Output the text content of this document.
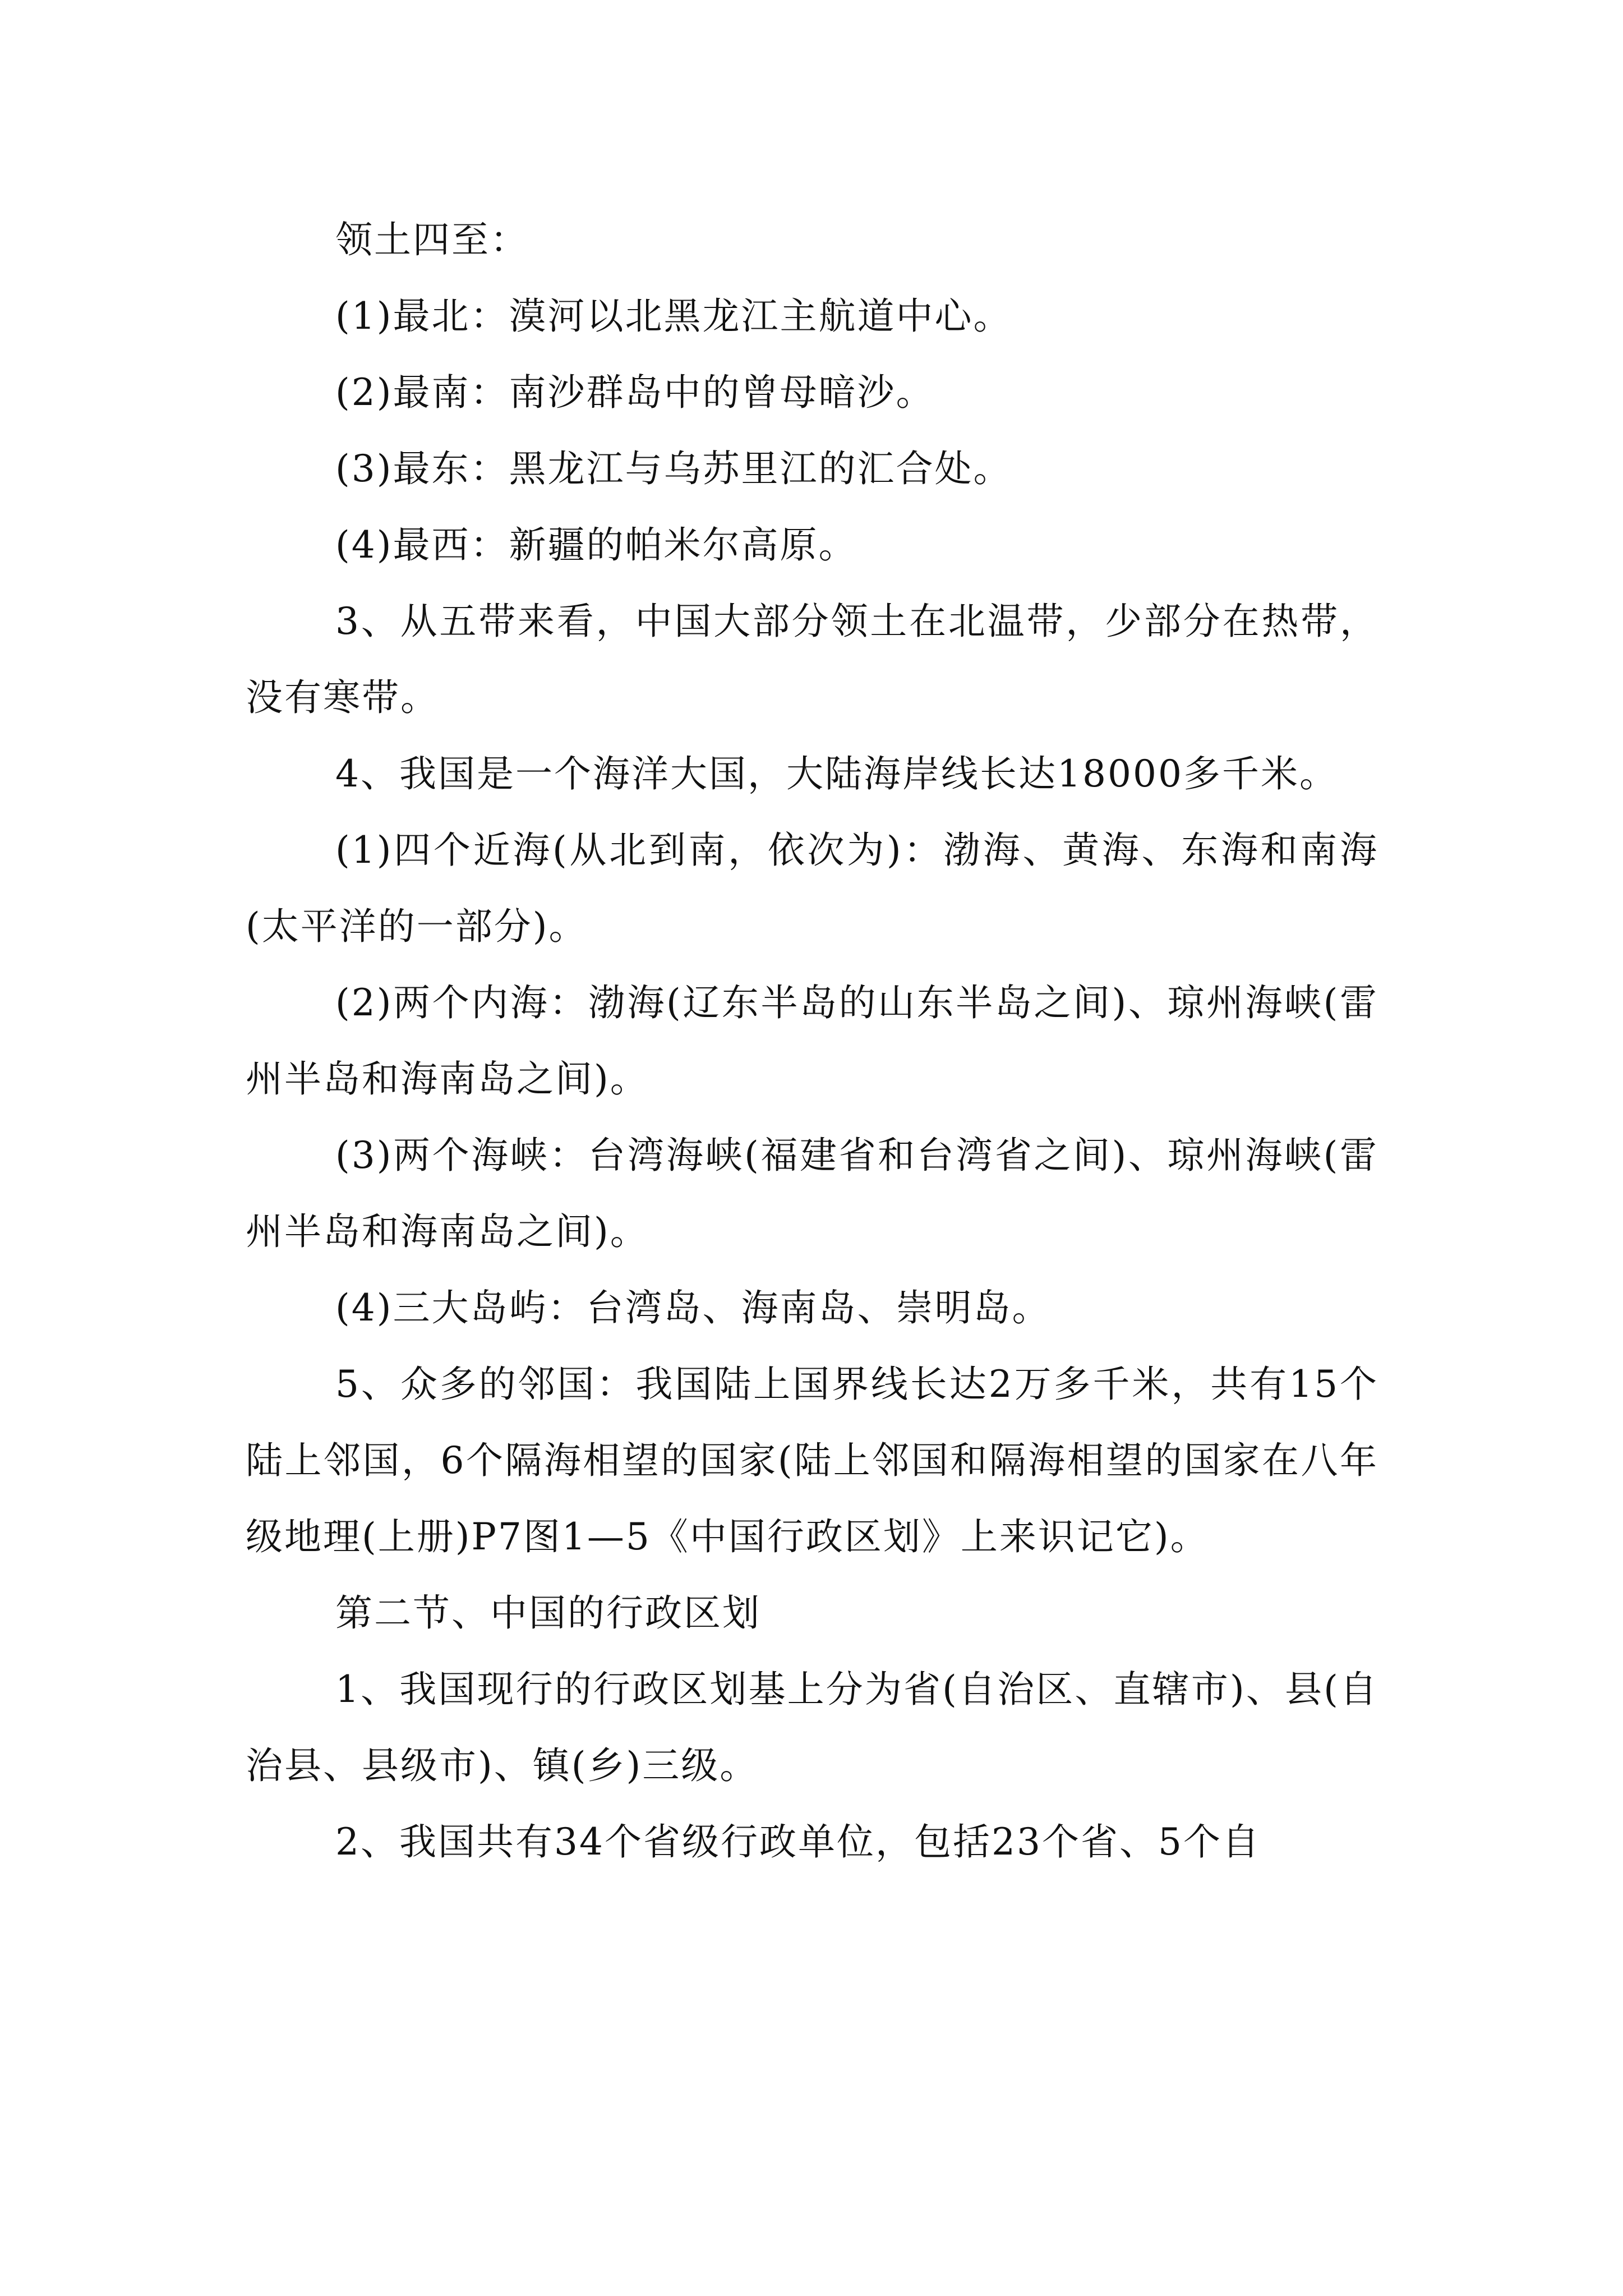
领土四至：

(1)最北：漠河以北黑龙江主航道中心。

(2)最南：南沙群岛中的曾母暗沙。

(3)最东：黑龙江与乌苏里江的汇合处。

(4)最西：新疆的帕米尔高原。

3、从五带来看，中国大部分领土在北温带，少部分在热带，没有寒带。

4、我国是一个海洋大国，大陆海岸线长达18000多千米。

(1)四个近海(从北到南，依次为)：渤海、黄海、东海和南海(太平洋的一部分)。

(2)两个内海：渤海(辽东半岛的山东半岛之间)、琼州海峡(雷州半岛和海南岛之间)。

(3)两个海峡：台湾海峡(福建省和台湾省之间)、琼州海峡(雷州半岛和海南岛之间)。

(4)三大岛屿：台湾岛、海南岛、崇明岛。

5、众多的邻国：我国陆上国界线长达2万多千米，共有15个陆上邻国，6个隔海相望的国家(陆上邻国和隔海相望的国家在八年级地理(上册)P7图1—5《中国行政区划》上来识记它)。

第二节、中国的行政区划

1、我国现行的行政区划基上分为省(自治区、直辖市)、县(自治县、县级市)、镇(乡)三级。

2、我国共有34个省级行政单位，包括23个省、5个自
